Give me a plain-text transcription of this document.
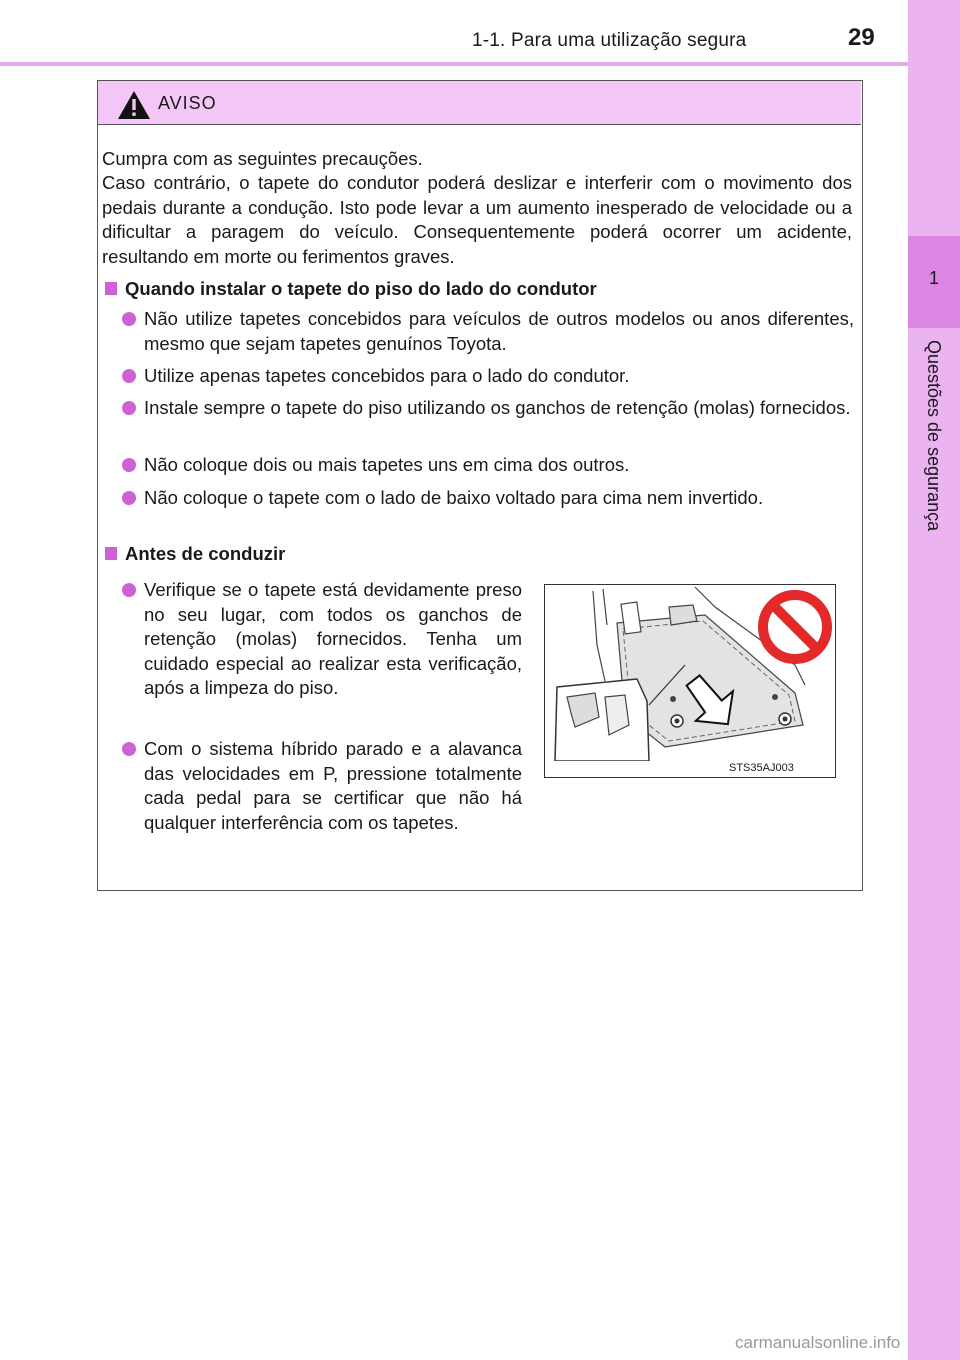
1-1. Para uma utilização segura	29
1
Questões de segurança
AVISO
Cumpra com as seguintes precauções.
Caso contrário, o tapete do condutor poderá deslizar e interferir com o movimento dos pedais durante a condução. Isto pode levar a um aumento inesperado de velocidade ou a dificultar a paragem do veículo. Consequentemente poderá ocorrer um acidente, resultando em morte ou ferimentos graves.
Quando instalar o tapete do piso do lado do condutor
Não utilize tapetes concebidos para veículos de outros modelos ou anos diferentes, mesmo que sejam tapetes genuínos Toyota.
Utilize apenas tapetes concebidos para o lado do condutor.
Instale sempre o tapete do piso utilizando os ganchos de retenção (molas) fornecidos.
Não coloque dois ou mais tapetes uns em cima dos outros.
Não coloque o tapete com o lado de baixo voltado para cima nem invertido.
Antes de conduzir
Verifique se o tapete está devidamente preso no seu lugar, com todos os ganchos de retenção (molas) fornecidos. Tenha um cuidado especial ao realizar esta verificação, após a limpeza do piso.
Com o sistema híbrido parado e a alavanca das velocidades em P, pressione totalmente cada pedal para se certificar que não há qualquer interferência com os tapetes.
STS35AJ003
carmanualsonline.info
